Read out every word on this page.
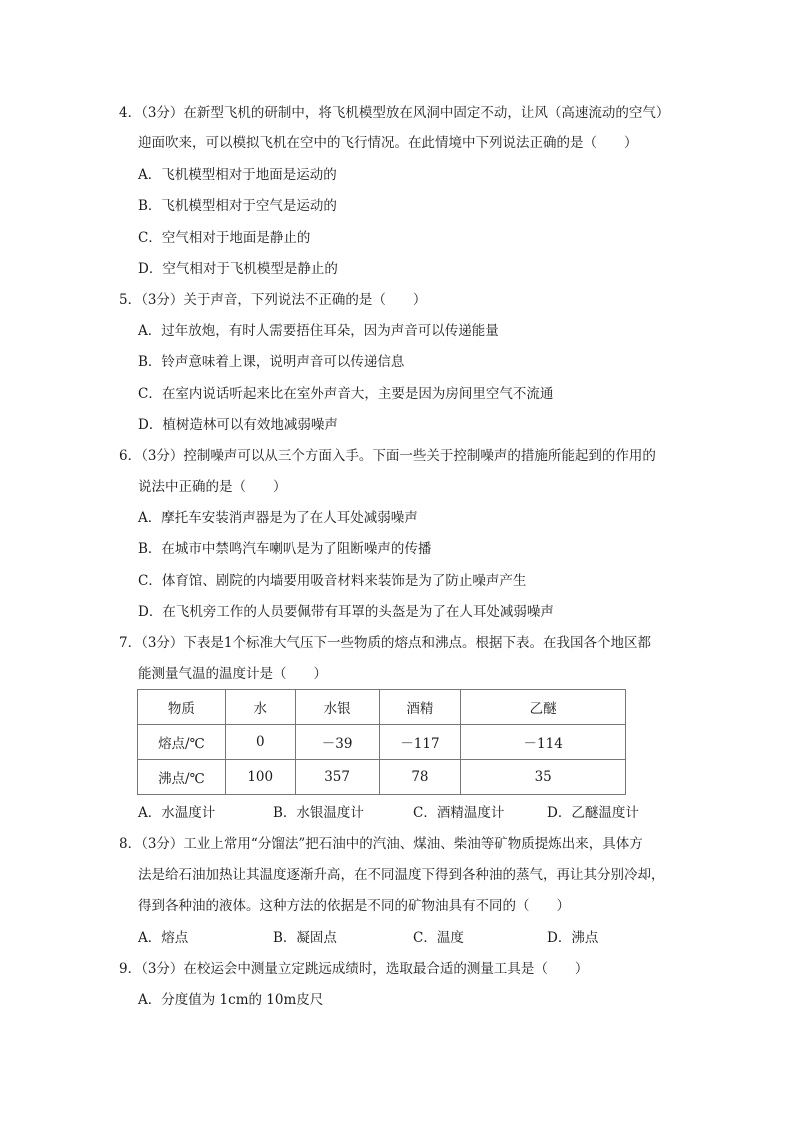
4．（3分）在新型飞机的研制中，将飞机模型放在风洞中固定不动，让风（高速流动的空气）
迎面吹来，可以模拟飞机在空中的飞行情况。在此情境中下列说法正确的是（　　）
A．飞机模型相对于地面是运动的
B．飞机模型相对于空气是运动的
C．空气相对于地面是静止的
D．空气相对于飞机模型是静止的
5．（3分）关于声音，下列说法不正确的是（　　）
A．过年放炮，有时人需要捂住耳朵，因为声音可以传递能量
B．铃声意味着上课，说明声音可以传递信息
C．在室内说话听起来比在室外声音大，主要是因为房间里空气不流通
D．植树造林可以有效地减弱噪声
6．（3分）控制噪声可以从三个方面入手。下面一些关于控制噪声的措施所能起到的作用的
说法中正确的是（　　）
A．摩托车安装消声器是为了在人耳处减弱噪声
B．在城市中禁鸣汽车喇叭是为了阻断噪声的传播
C．体育馆、剧院的内墙要用吸音材料来装饰是为了防止噪声产生
D．在飞机旁工作的人员要佩带有耳罩的头盔是为了在人耳处减弱噪声
7．（3分）下表是1个标准大气压下一些物质的熔点和沸点。根据下表。在我国各个地区都
能测量气温的温度计是（　　）
物质	水	水银	酒精	乙醚
熔点/℃	0	－39	－117	－114
沸点/℃	100	357	78	35
A．水温度计	B．水银温度计	C．酒精温度计	D．乙醚温度计
8．（3分）工业上常用“分馏法”把石油中的汽油、煤油、柴油等矿物质提炼出来，具体方
法是给石油加热让其温度逐渐升高，在不同温度下得到各种油的蒸气，再让其分别冷却，
得到各种油的液体。这种方法的依据是不同的矿物油具有不同的（　　）
A．熔点	B．凝固点	C．温度	D．沸点
9．（3分）在校运会中测量立定跳远成绩时，选取最合适的测量工具是（　　）
A．分度值为 1cm的 10m皮尺
